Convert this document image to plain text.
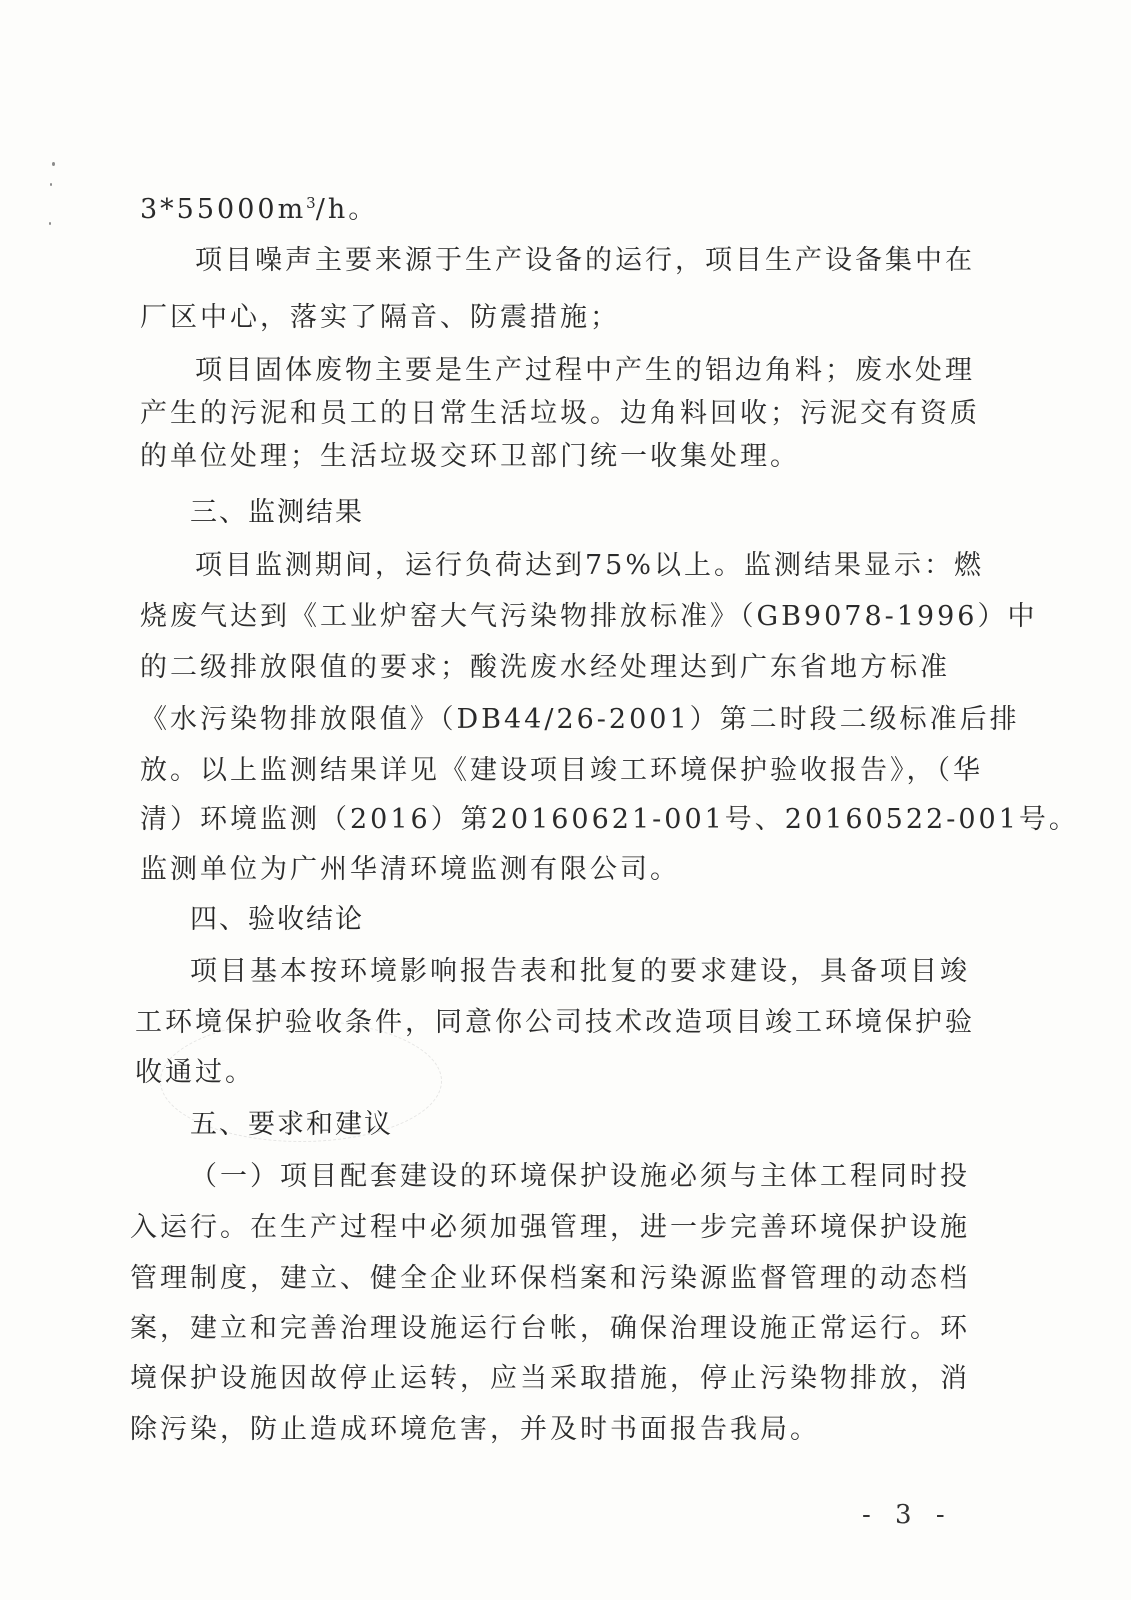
$3*55000m^3/h$。
项目噪声主要来源于生产设备的运行，项目生产设备集中在
厂区中心，落实了隔音、防震措施；
项目固体废物主要是生产过程中产生的铝边角料；废水处理
产生的污泥和员工的日常生活垃圾。边角料回收；污泥交有资质
的单位处理；生活垃圾交环卫部门统一收集处理。
三、监测结果
项目监测期间，运行负荷达到75%以上。监测结果显示：燃
烧废气达到《工业炉窑大气污染物排放标准》（GB9078-1996）中
的二级排放限值的要求；酸洗废水经处理达到广东省地方标准
《水污染物排放限值》（DB44/26-2001）第二时段二级标准后排
放。以上监测结果详见《建设项目竣工环境保护验收报告》，（华
清）环境监测（2016）第20160621-001号、20160522-001号。
监测单位为广州华清环境监测有限公司。
四、验收结论
项目基本按环境影响报告表和批复的要求建设，具备项目竣
工环境保护验收条件，同意你公司技术改造项目竣工环境保护验
收通过。
五、要求和建议
（一）项目配套建设的环境保护设施必须与主体工程同时投
入运行。在生产过程中必须加强管理，进一步完善环境保护设施
管理制度，建立、健全企业环保档案和污染源监督管理的动态档
案，建立和完善治理设施运行台帐，确保治理设施正常运行。环
境保护设施因故停止运转，应当采取措施，停止污染物排放，消
除污染，防止造成环境危害，并及时书面报告我局。
- 3 -
